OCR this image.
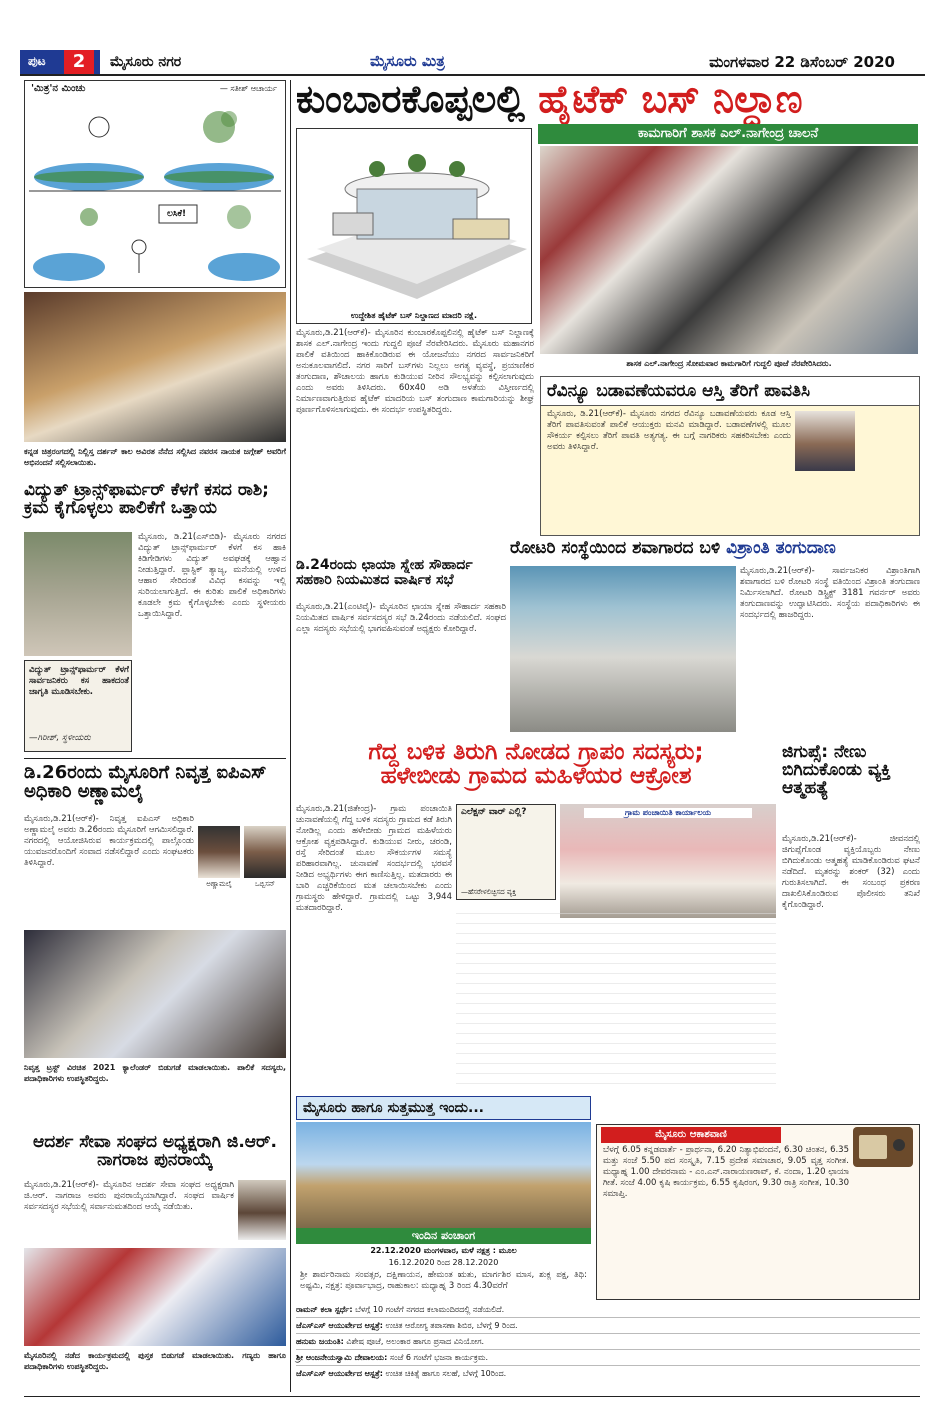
ಪುಟ	2	ಮೈಸೂರು ನಗರ	ಮೈಸೂರು ಮಿತ್ರ	ಮಂಗಳವಾರ 22 ಡಿಸೆಂಬರ್ 2020
'ಮಿತ್ರ'ನ ಮಿಂಚು	— ಸತೀಶ್ ಆಚಾರ್ಯ
ಲಸಿಕೆ!
ಕನ್ನಡ ಚಿತ್ರರಂಗದಲ್ಲಿ ನಿಲ್ಲಿಸ್ತ ದರ್ಶನ್ ಕಾಲ ಅವಿರತ ನೆನೆದ ಸಲ್ಲಿಸಿದ ನವರಸ ನಾಯಕ ಜಗ್ಗೇಶ್ ಅವರಿಗೆ ಅಭಿನಂದನೆ ಸಲ್ಲಿಸಲಾಯಿತು.
ವಿದ್ಯುತ್ ಟ್ರಾನ್ಸ್‌ಫಾರ್ಮರ್ ಕೆಳಗೆ ಕಸದ ರಾಶಿ; ಕ್ರಮ ಕೈಗೊಳ್ಳಲು ಪಾಲಿಕೆಗೆ ಒತ್ತಾಯ
ಮೈಸೂರು, ಡಿ.21(ಎಸ್‌ಬಿಡಿ)- ಮೈಸೂರು ನಗರದ ವಿದ್ಯುತ್ ಟ್ರಾನ್ಸ್‌ಫಾರ್ಮರ್ ಕೆಳಗೆ ಕಸ ಹಾಕಿ ಕಿಡಿಗೇಡಿಗಳು ವಿದ್ಯುತ್ ಅವಘಡಕ್ಕೆ ಆಹ್ವಾನ ನೀಡುತ್ತಿದ್ದಾರೆ. ಪ್ಲಾಸ್ಟಿಕ್ ತ್ಯಾಜ್ಯ, ಮನೆಯಲ್ಲಿ ಉಳಿದ ಆಹಾರ ಸೇರಿದಂತೆ ವಿವಿಧ ಕಸವನ್ನು ಇಲ್ಲಿ ಸುರಿಯಲಾಗುತ್ತಿದೆ. ಈ ಕುರಿತು ಪಾಲಿಕೆ ಅಧಿಕಾರಿಗಳು ಕೂಡಲೇ ಕ್ರಮ ಕೈಗೊಳ್ಳಬೇಕು ಎಂದು ಸ್ಥಳೀಯರು ಒತ್ತಾಯಿಸಿದ್ದಾರೆ.
ವಿದ್ಯುತ್ ಟ್ರಾನ್ಸ್‌ಫಾರ್ಮರ್ ಕೆಳಗೆ ಸಾರ್ವಜನಿಕರು ಕಸ ಹಾಕದಂತೆ ಜಾಗೃತಿ ಮೂಡಿಸಬೇಕು.
—ಗಿರೀಶ್, ಸ್ಥಳೀಯರು
ಡಿ.26ರಂದು ಮೈಸೂರಿಗೆ ನಿವೃತ್ತ ಐಪಿಎಸ್ ಅಧಿಕಾರಿ ಅಣ್ಣಾಮಲೈ
ಮೈಸೂರು,ಡಿ.21(ಆರ್‌ಕೆ)- ನಿವೃತ್ತ ಐಪಿಎಸ್ ಅಧಿಕಾರಿ ಅಣ್ಣಾಮಲೈ ಅವರು ಡಿ.26ರಂದು ಮೈಸೂರಿಗೆ ಆಗಮಿಸಲಿದ್ದಾರೆ. ನಗರದಲ್ಲಿ ಆಯೋಜಿಸಿರುವ ಕಾರ್ಯಕ್ರಮದಲ್ಲಿ ಪಾಲ್ಗೊಂಡು ಯುವಜನರೊಂದಿಗೆ ಸಂವಾದ ನಡೆಸಲಿದ್ದಾರೆ ಎಂದು ಸಂಘಟಕರು ತಿಳಿಸಿದ್ದಾರೆ.
ಅಣ್ಣಾಮಲೈ	ಒಬ್ಬಿಸನ್
ನಿವೃತ್ತ ಟ್ರಸ್ಟ್ ವಿರಚಿತ 2021 ಕ್ಯಾಲೆಂಡರ್ ಬಿಡುಗಡೆ ಮಾಡಲಾಯಿತು. ಪಾಲಿಕೆ ಸದಸ್ಯರು, ಪದಾಧಿಕಾರಿಗಳು ಉಪಸ್ಥಿತರಿದ್ದರು.
ಆದರ್ಶ ಸೇವಾ ಸಂಘದ ಅಧ್ಯಕ್ಷರಾಗಿ ಜಿ.ಆರ್. ನಾಗರಾಜ ಪುನರಾಯ್ಕೆ
ಮೈಸೂರು,ಡಿ.21(ಆರ್‌ಕೆ)- ಮೈಸೂರಿನ ಆದರ್ಶ ಸೇವಾ ಸಂಘದ ಅಧ್ಯಕ್ಷರಾಗಿ ಜಿ.ಆರ್. ನಾಗರಾಜ ಅವರು ಪುನರಾಯ್ಕೆಯಾಗಿದ್ದಾರೆ. ಸಂಘದ ವಾರ್ಷಿಕ ಸರ್ವಸದಸ್ಯರ ಸಭೆಯಲ್ಲಿ ಸರ್ವಾನುಮತದಿಂದ ಆಯ್ಕೆ ನಡೆಯಿತು.
ಮೈಸೂರಿನಲ್ಲಿ ನಡೆದ ಕಾರ್ಯಕ್ರಮದಲ್ಲಿ ಪುಸ್ತಕ ಬಿಡುಗಡೆ ಮಾಡಲಾಯಿತು. ಗಣ್ಯರು ಹಾಗೂ ಪದಾಧಿಕಾರಿಗಳು ಉಪಸ್ಥಿತರಿದ್ದರು.
ಕುಂಬಾರಕೊಪ್ಪಲಲ್ಲಿ ಹೈಟೆಕ್ ಬಸ್ ನಿಲ್ದಾಣ
ಉದ್ದೇಶಿತ ಹೈಟೆಕ್ ಬಸ್ ನಿಲ್ದಾಣದ ಮಾದರಿ ನಕ್ಷೆ.
ಕಾಮಗಾರಿಗೆ ಶಾಸಕ ಎಲ್.ನಾಗೇಂದ್ರ ಚಾಲನೆ
ಶಾಸಕ ಎಲ್.ನಾಗೇಂದ್ರ ಸೋಮವಾರ ಕಾಮಗಾರಿಗೆ ಗುದ್ದಲಿ ಪೂಜೆ ನೆರವೇರಿಸಿದರು.
ಮೈಸೂರು,ಡಿ.21(ಆರ್‌ಕೆ)- ಮೈಸೂರಿನ ಕುಂಬಾರಕೊಪ್ಪಲಿನಲ್ಲಿ ಹೈಟೆಕ್ ಬಸ್ ನಿಲ್ದಾಣಕ್ಕೆ ಶಾಸಕ ಎಲ್.ನಾಗೇಂದ್ರ ಇಂದು ಗುದ್ದಲಿ ಪೂಜೆ ನೆರವೇರಿಸಿದರು. ಮೈಸೂರು ಮಹಾನಗರ ಪಾಲಿಕೆ ವತಿಯಿಂದ ಹಾಕಿಕೊಂಡಿರುವ ಈ ಯೋಜನೆಯು ನಗರದ ಸಾರ್ವಜನಿಕರಿಗೆ ಅನುಕೂಲವಾಗಲಿದೆ. ನಗರ ಸಾರಿಗೆ ಬಸ್‌ಗಳು ನಿಲ್ಲಲು ಅಗತ್ಯ ವ್ಯವಸ್ಥೆ, ಪ್ರಯಾಣಿಕರ ತಂಗುದಾಣ, ಶೌಚಾಲಯ ಹಾಗೂ ಕುಡಿಯುವ ನೀರಿನ ಸೌಲಭ್ಯವನ್ನು ಕಲ್ಪಿಸಲಾಗುವುದು ಎಂದು ಅವರು ತಿಳಿಸಿದರು. 60x40 ಅಡಿ ಅಳತೆಯ ವಿಸ್ತೀರ್ಣದಲ್ಲಿ ನಿರ್ಮಾಣವಾಗುತ್ತಿರುವ ಹೈಟೆಕ್ ಮಾದರಿಯ ಬಸ್ ತಂಗುದಾಣ ಕಾಮಗಾರಿಯನ್ನು ಶೀಘ್ರ ಪೂರ್ಣಗೊಳಿಸಲಾಗುವುದು. ಈ ಸಂದರ್ಭ ಉಪಸ್ಥಿತರಿದ್ದರು.
ರೆವಿನ್ಯೂ ಬಡಾವಣೆಯವರೂ ಆಸ್ತಿ ತೆರಿಗೆ ಪಾವತಿಸಿ
ಮೈಸೂರು, ಡಿ.21(ಆರ್‌ಕೆ)- ಮೈಸೂರು ನಗರದ ರೆವಿನ್ಯೂ ಬಡಾವಣೆಯವರು ಕೂಡ ಆಸ್ತಿ ತೆರಿಗೆ ಪಾವತಿಸುವಂತೆ ಪಾಲಿಕೆ ಆಯುಕ್ತರು ಮನವಿ ಮಾಡಿದ್ದಾರೆ. ಬಡಾವಣೆಗಳಲ್ಲಿ ಮೂಲ ಸೌಕರ್ಯ ಕಲ್ಪಿಸಲು ತೆರಿಗೆ ಪಾವತಿ ಅತ್ಯಗತ್ಯ. ಈ ಬಗ್ಗೆ ನಾಗರಿಕರು ಸಹಕರಿಸಬೇಕು ಎಂದು ಅವರು ತಿಳಿಸಿದ್ದಾರೆ.
ಡಿ.24ರಂದು ಛಾಯಾ ಸ್ನೇಹ ಸೌಹಾರ್ದ ಸಹಕಾರಿ ನಿಯಮಿತದ ವಾರ್ಷಿಕ ಸಭೆ
ಮೈಸೂರು,ಡಿ.21(ಎಂಟಿವೈ)- ಮೈಸೂರಿನ ಛಾಯಾ ಸ್ನೇಹ ಸೌಹಾರ್ದ ಸಹಕಾರಿ ನಿಯಮಿತದ ವಾರ್ಷಿಕ ಸರ್ವಸದಸ್ಯರ ಸಭೆ ಡಿ.24ರಂದು ನಡೆಯಲಿದೆ. ಸಂಘದ ಎಲ್ಲಾ ಸದಸ್ಯರು ಸಭೆಯಲ್ಲಿ ಭಾಗವಹಿಸುವಂತೆ ಅಧ್ಯಕ್ಷರು ಕೋರಿದ್ದಾರೆ.
ರೋಟರಿ ಸಂಸ್ಥೆಯಿಂದ ಶವಾಗಾರದ ಬಳಿ ವಿಶ್ರಾಂತಿ ತಂಗುದಾಣ
ಮೈಸೂರು,ಡಿ.21(ಆರ್‌ಕೆ)- ಸಾರ್ವಜನಿಕರ ವಿಶ್ರಾಂತಿಗಾಗಿ ಶವಾಗಾರದ ಬಳಿ ರೋಟರಿ ಸಂಸ್ಥೆ ವತಿಯಿಂದ ವಿಶ್ರಾಂತಿ ತಂಗುದಾಣ ನಿರ್ಮಿಸಲಾಗಿದೆ. ರೋಟರಿ ಡಿಸ್ಟ್ರಿಕ್ಟ್ 3181 ಗವರ್ನರ್ ಅವರು ತಂಗುದಾಣವನ್ನು ಉದ್ಘಾಟಿಸಿದರು. ಸಂಸ್ಥೆಯ ಪದಾಧಿಕಾರಿಗಳು ಈ ಸಂದರ್ಭದಲ್ಲಿ ಹಾಜರಿದ್ದರು.
ಗೆದ್ದ ಬಳಿಕ ತಿರುಗಿ ನೋಡದ ಗ್ರಾಪಂ ಸದಸ್ಯರು;
ಹಳೇಬೀಡು ಗ್ರಾಮದ ಮಹಿಳೆಯರ ಆಕ್ರೋಶ
ಮೈಸೂರು,ಡಿ.21(ಜಿತೇಂದ್ರ)- ಗ್ರಾಮ ಪಂಚಾಯಿತಿ ಚುನಾವಣೆಯಲ್ಲಿ ಗೆದ್ದ ಬಳಿಕ ಸದಸ್ಯರು ಗ್ರಾಮದ ಕಡೆ ತಿರುಗಿ ನೋಡಿಲ್ಲ ಎಂದು ಹಳೇಬೀಡು ಗ್ರಾಮದ ಮಹಿಳೆಯರು ಆಕ್ರೋಶ ವ್ಯಕ್ತಪಡಿಸಿದ್ದಾರೆ. ಕುಡಿಯುವ ನೀರು, ಚರಂಡಿ, ರಸ್ತೆ ಸೇರಿದಂತೆ ಮೂಲ ಸೌಕರ್ಯಗಳ ಸಮಸ್ಯೆ ಪರಿಹಾರವಾಗಿಲ್ಲ. ಚುನಾವಣೆ ಸಂದರ್ಭದಲ್ಲಿ ಭರವಸೆ ನೀಡಿದ ಅಭ್ಯರ್ಥಿಗಳು ಈಗ ಕಾಣಿಸುತ್ತಿಲ್ಲ. ಮತದಾರರು ಈ ಬಾರಿ ಎಚ್ಚರಿಕೆಯಿಂದ ಮತ ಚಲಾಯಿಸಬೇಕು ಎಂದು ಗ್ರಾಮಸ್ಥರು ಹೇಳಿದ್ದಾರೆ. ಗ್ರಾಮದಲ್ಲಿ ಒಟ್ಟು 3,944 ಮತದಾರರಿದ್ದಾರೆ.
ಎಲೆಕ್ಷನ್ ವಾರ್ ಎಲ್ಲಿ?
—ಹೆಸರೇಳಲಿಚ್ಛಿಸದ ವ್ಯಕ್ತಿ
ಗ್ರಾಮ ಪಂಚಾಯಿತಿ ಕಾರ್ಯಾಲಯ
ಜಿಗುಪ್ಸೆ: ನೇಣು ಬಿಗಿದುಕೊಂಡು ವ್ಯಕ್ತಿ ಆತ್ಮಹತ್ಯೆ
ಮೈಸೂರು,ಡಿ.21(ಆರ್‌ಕೆ)- ಜೀವನದಲ್ಲಿ ಜಿಗುಪ್ಸೆಗೊಂಡ ವ್ಯಕ್ತಿಯೊಬ್ಬರು ನೇಣು ಬಿಗಿದುಕೊಂಡು ಆತ್ಮಹತ್ಯೆ ಮಾಡಿಕೊಂಡಿರುವ ಘಟನೆ ನಡೆದಿದೆ. ಮೃತರನ್ನು ಶಂಕರ್ (32) ಎಂದು ಗುರುತಿಸಲಾಗಿದೆ. ಈ ಸಂಬಂಧ ಪ್ರಕರಣ ದಾಖಲಿಸಿಕೊಂಡಿರುವ ಪೊಲೀಸರು ತನಿಖೆ ಕೈಗೊಂಡಿದ್ದಾರೆ.
ಮೈಸೂರು ಹಾಗೂ ಸುತ್ತಮುತ್ತ ಇಂದು...
ಇಂದಿನ ಪಂಚಾಂಗ
22.12.2020 ಮಂಗಳವಾರ, ಮಳೆ ನಕ್ಷತ್ರ : ಮೂಲ
16.12.2020 ರಿಂದ 28.12.2020
ಶ್ರೀ ಶಾರ್ವರಿನಾಮ ಸಂವತ್ಸರ, ದಕ್ಷಿಣಾಯನ, ಹೇಮಂತ ಋತು, ಮಾರ್ಗಶಿರ ಮಾಸ, ಶುಕ್ಲ ಪಕ್ಷ, ತಿಥಿ: ಅಷ್ಟಮಿ, ನಕ್ಷತ್ರ: ಪೂರ್ವಾಭಾದ್ರ, ರಾಹುಕಾಲ: ಮಧ್ಯಾಹ್ನ 3 ರಿಂದ 4.30ವರೆಗೆ
ಮೈಸೂರು ಆಕಾಶವಾಣಿ
ಬೆಳಗ್ಗೆ 6.05 ಕನ್ನಡವಾರ್ತೆ - ಪ್ರಾರ್ಥನಾ, 6.20 ನಿತ್ಯಾಭಿವಂದನೆ, 6.30 ಚಿಂತನ, 6.35 ಮತ್ತು ಸಂಜೆ 5.50 ಪದ ಸಂಸ್ಕೃತಿ, 7.15 ಪ್ರದೇಶ ಸಮಾಚಾರ, 9.05 ವೃತ್ತ ಸಂಗೀತ. ಮಧ್ಯಾಹ್ನ 1.00 ದೇವರನಾಮ - ಎಂ.ಎನ್.ನಾರಾಯಣರಾವ್, ಕೆ. ನಂದಾ, 1.20 ಛಾಯಾ ಗೀತೆ. ಸಂಜೆ 4.00 ಕೃಷಿ ಕಾರ್ಯಕ್ರಮ, 6.55 ಕೃಷಿರಂಗ, 9.30 ರಾತ್ರಿ ಸಂಗೀತ, 10.30 ಸಮಾಪ್ತಿ.
ರಾಮನ್ ಕಲಾ ಸ್ಪರ್ಧೆ: ಬೆಳಗ್ಗೆ 10 ಗಂಟೆಗೆ ನಗರದ ಕಲಾಮಂದಿರದಲ್ಲಿ ನಡೆಯಲಿದೆ.
ಜೆಎಸ್‌ಎಸ್ ಆಯುರ್ವೇದ ಆಸ್ಪತ್ರೆ: ಉಚಿತ ಆರೋಗ್ಯ ತಪಾಸಣಾ ಶಿಬಿರ, ಬೆಳಗ್ಗೆ 9 ರಿಂದ.
ಹನುಮ ಜಯಂತಿ: ವಿಶೇಷ ಪೂಜೆ, ಅಲಂಕಾರ ಹಾಗೂ ಪ್ರಸಾದ ವಿನಿಯೋಗ.
ಶ್ರೀ ಆಂಜನೇಯಸ್ವಾಮಿ ದೇವಾಲಯ: ಸಂಜೆ 6 ಗಂಟೆಗೆ ಭಜನಾ ಕಾರ್ಯಕ್ರಮ.
ಜೆಎಸ್‌ಎಸ್ ಆಯುರ್ವೇದ ಆಸ್ಪತ್ರೆ: ಉಚಿತ ಚಿಕಿತ್ಸೆ ಹಾಗೂ ಸಲಹೆ, ಬೆಳಗ್ಗೆ 10ರಿಂದ.
